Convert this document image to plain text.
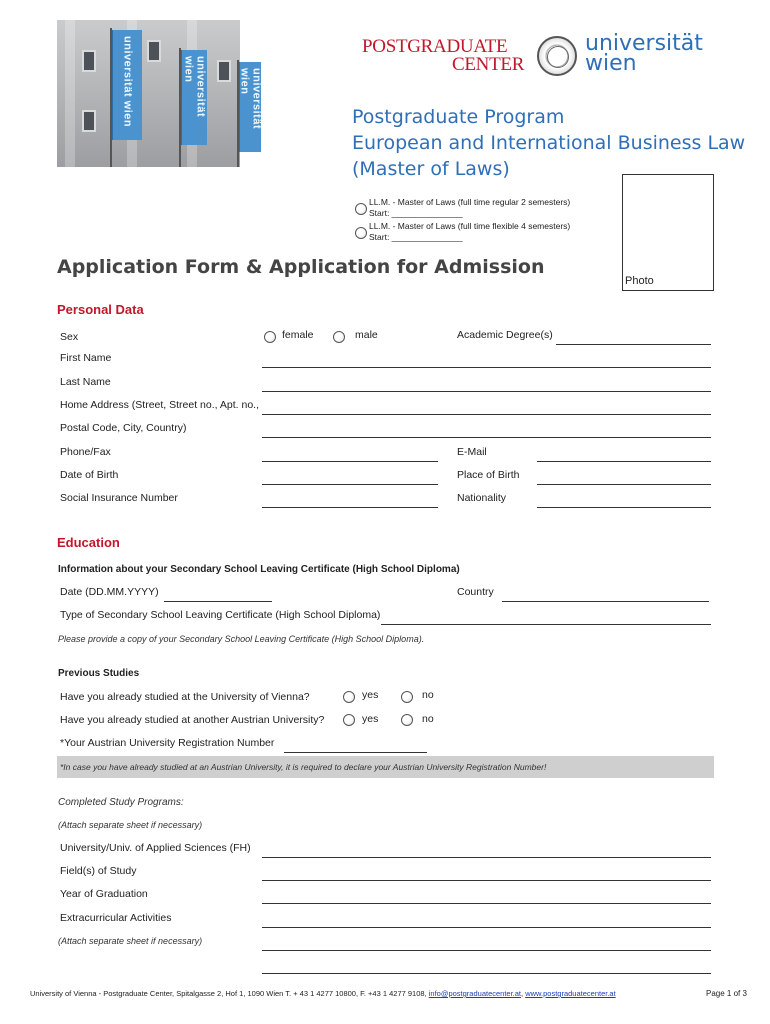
universität wien	universität wien	universität wien
POSTGRADUATE
CENTER
universität
wien
Postgraduate Program
European and International Business Law
(Master of Laws)
LL.M. - Master of Laws (full time regular 2 semesters)
Start: _______________
LL.M. - Master of Laws (full time flexible 4 semesters)
Start: _______________
Photo
Application Form & Application for Admission
Personal Data
Sex	female	male	Academic Degree(s)
First Name
Last Name
Home Address (Street, Street no., Apt. no.,
Postal Code, City, Country)
Phone/Fax	E-Mail
Date of Birth	Place of Birth
Social Insurance Number	Nationality
Education
Information about your Secondary School Leaving Certificate (High School Diploma)
Date (DD.MM.YYYY)	Country
Type of Secondary School Leaving Certificate (High School Diploma)
Please provide a copy of your Secondary School Leaving Certificate (High School Diploma).
Previous Studies
Have you already studied at the University of Vienna?	yes	no
Have you already studied at another Austrian University?	yes	no
*Your Austrian University Registration Number
*In case you have already studied at an Austrian University, it is required to declare your Austrian University Registration Number!
Completed Study Programs:
(Attach separate sheet if necessary)
University/Univ. of Applied Sciences (FH)
Field(s) of Study
Year of Graduation
Extracurricular Activities
(Attach separate sheet if necessary)
University of Vienna - Postgraduate Center, Spitalgasse 2, Hof 1, 1090 Wien T. + 43 1 4277 10800, F. +43 1 4277 9108, info@postgraduatecenter.at, www.postgraduatecenter.at	Page 1 of 3
